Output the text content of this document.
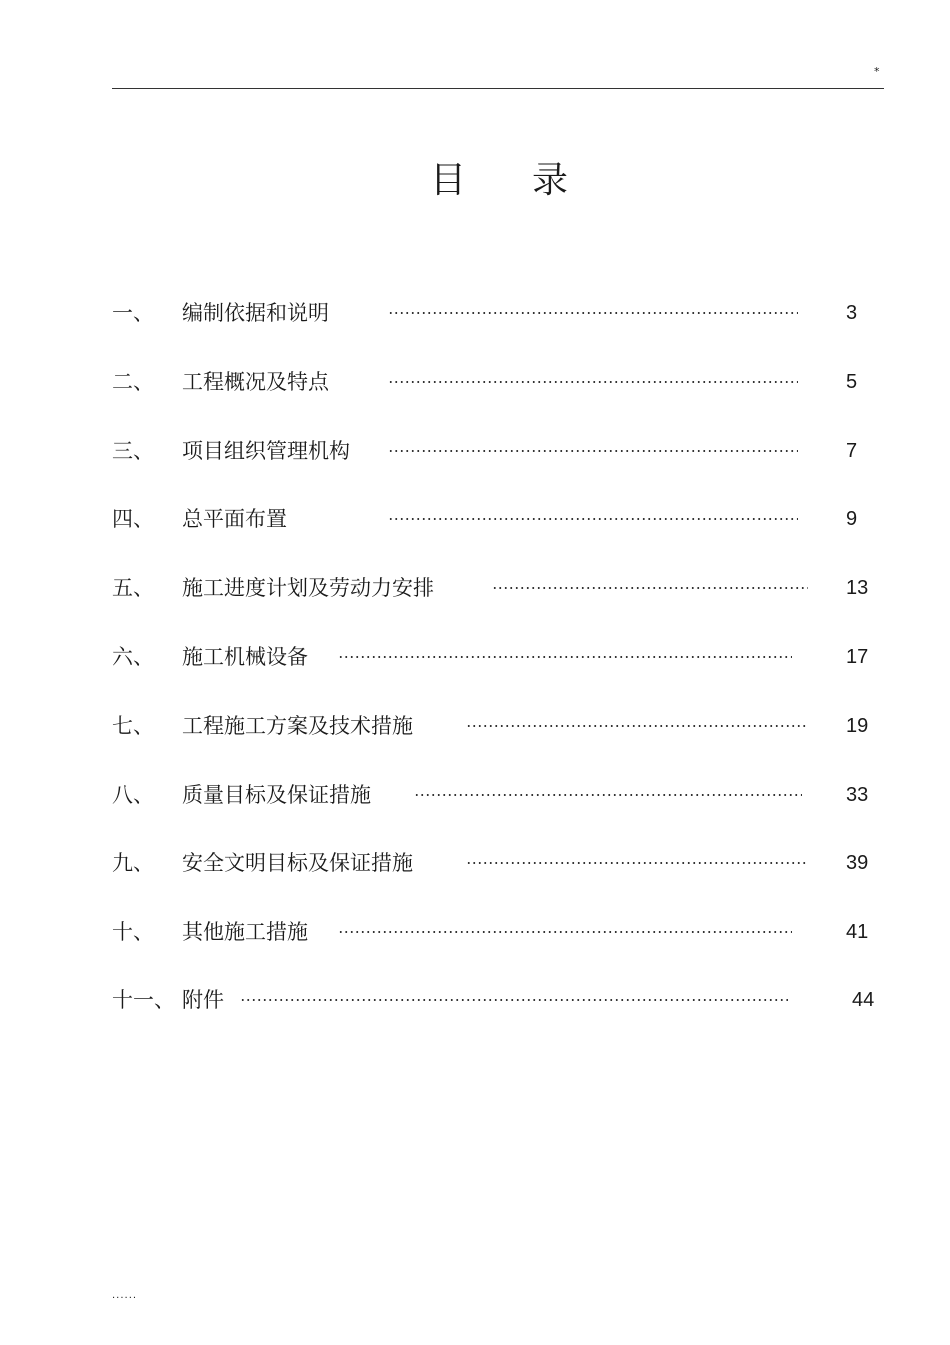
*
目 录
一、 编制依据和说明	3
二、 工程概况及特点	5
三、 项目组织管理机构	7
四、 总平面布置	9
五、 施工进度计划及劳动力安排	13
六、 施工机械设备	17
七、 工程施工方案及技术措施	19
八、 质量目标及保证措施	33
九、 安全文明目标及保证措施	39
十、 其他施工措施	41
十一、 附件	44
......
